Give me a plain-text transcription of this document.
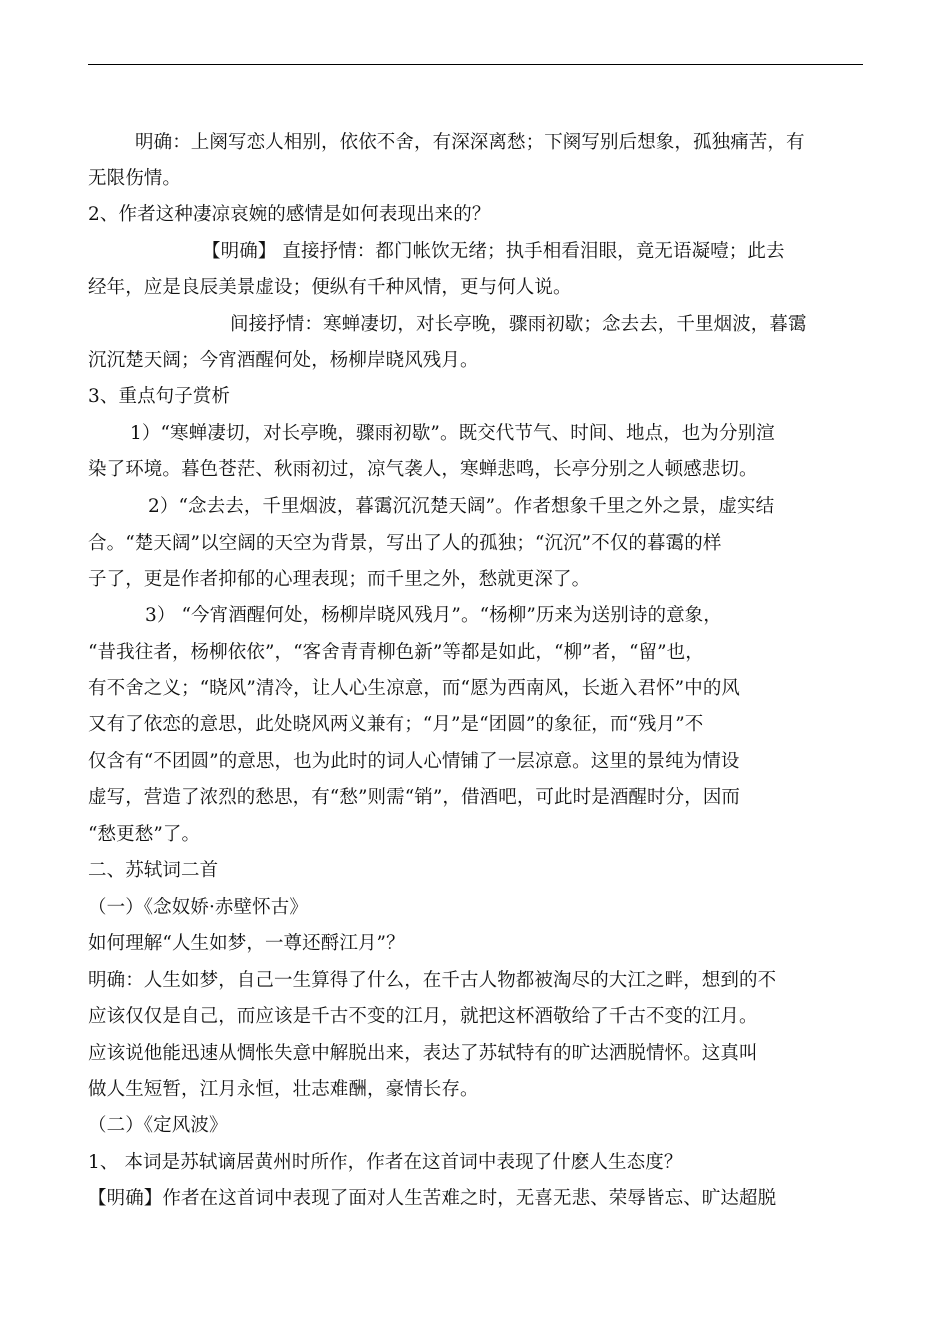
明确：上阕写恋人相别，依依不舍，有深深离愁；下阕写别后想象，孤独痛苦，有
无限伤情。
2、作者这种凄凉哀婉的感情是如何表现出来的？
【明确】 直接抒情：都门帐饮无绪；执手相看泪眼，竟无语凝噎；此去
经年，应是良辰美景虚设；便纵有千种风情，更与何人说。
间接抒情：寒蝉凄切，对长亭晚，骤雨初歇；念去去，千里烟波，暮霭
沉沉楚天阔；今宵酒醒何处，杨柳岸晓风残月。
3、重点句子赏析
1）“寒蝉凄切，对长亭晚，骤雨初歇”。既交代节气、时间、地点，也为分别渲
染了环境。暮色苍茫、秋雨初过，凉气袭人，寒蝉悲鸣，长亭分别之人顿感悲切。
2）“念去去，千里烟波，暮霭沉沉楚天阔”。作者想象千里之外之景，虚实结
合。“楚天阔”以空阔的天空为背景，写出了人的孤独；“沉沉”不仅的暮霭的样
子了，更是作者抑郁的心理表现；而千里之外，愁就更深了。
3） “今宵酒醒何处，杨柳岸晓风残月”。“杨柳”历来为送别诗的意象，
“昔我往者，杨柳依依”，“客舍青青柳色新”等都是如此，“柳”者，“留”也，
有不舍之义；“晓风”清冷，让人心生凉意，而“愿为西南风，长逝入君怀”中的风
又有了依恋的意思，此处晓风两义兼有；“月”是“团圆”的象征，而“残月”不
仅含有“不团圆”的意思，也为此时的词人心情铺了一层凉意。这里的景纯为情设
虚写，营造了浓烈的愁思，有“愁”则需“销”，借酒吧，可此时是酒醒时分，因而
“愁更愁”了。
二、苏轼词二首
（一）《念奴娇·赤壁怀古》
如何理解“人生如梦，一尊还酹江月”？
明确：人生如梦，自己一生算得了什么，在千古人物都被淘尽的大江之畔，想到的不
应该仅仅是自己，而应该是千古不变的江月，就把这杯酒敬给了千古不变的江月。
应该说他能迅速从惆怅失意中解脱出来，表达了苏轼特有的旷达洒脱情怀。这真叫
做人生短暂，江月永恒，壮志难酬，豪情长存。
（二）《定风波》
1、 本词是苏轼谪居黄州时所作，作者在这首词中表现了什麽人生态度？
【明确】作者在这首词中表现了面对人生苦难之时，无喜无悲、荣辱皆忘、旷达超脱
